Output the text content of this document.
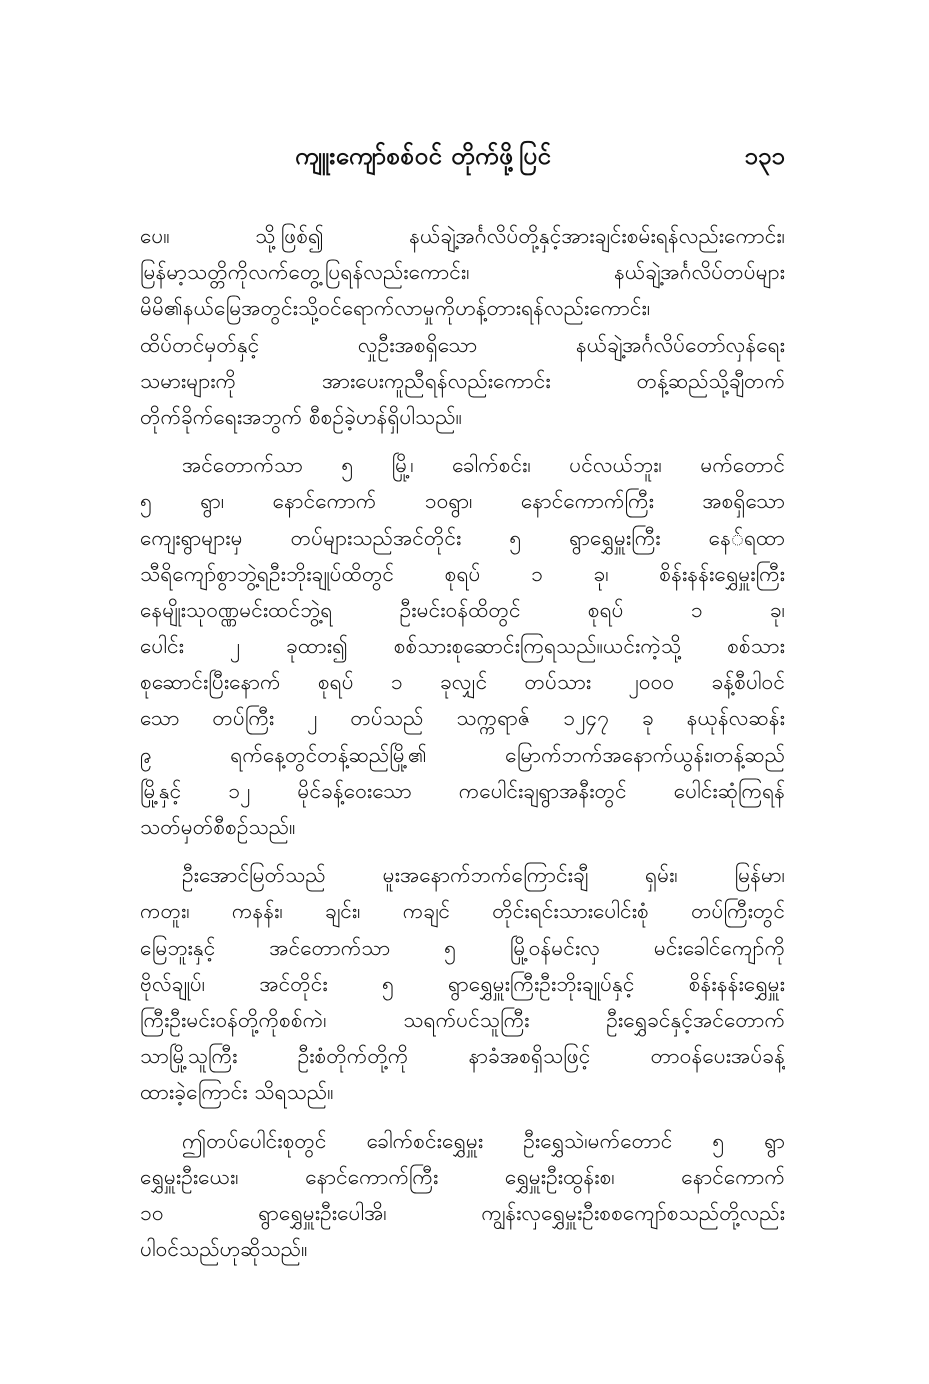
ကျူးကျော်စစ်ဝင် တိုက်ဖို့ပြင်	၁၃၁
ပေ။ သို့ဖြစ်၍ နယ်ချဲ့အင်္ဂလိပ်တို့နှင့်အားချင်းစမ်းရန်လည်းကောင်း၊
မြန်မာ့သတ္တိကိုလက်တွေ့ပြရန်လည်းကောင်း၊ နယ်ချဲ့အင်္ဂလိပ်တပ်များ
မိမိ၏နယ်မြေအတွင်းသို့ဝင်ရောက်လာမှုကိုဟန့်တားရန်လည်းကောင်း၊
ထိပ်တင်မှတ်နှင့် လှုဦးအစရှိသော နယ်ချဲ့အင်္ဂလိပ်တော်လှန်ရေး
သမားများကို အားပေးကူညီရန်လည်းကောင်း တန့်ဆည်သို့ချီတက်
တိုက်ခိုက်ရေးအဘွက် စီစဉ်ခဲ့ဟန်ရှိပါသည်။
အင်တောက်သာ ၅ မြို့၊ ခေါက်စင်း၊ ပင်လယ်ဘူး၊ မက်တောင်
၅ ရွာ၊ နောင်ကောက် ၁၀ရွာ၊ နောင်ကောက်ကြီး အစရှိသော
ကျေးရွာများမှ တပ်များသည်အင်တိုင်း ၅ ရွာရွှေမှူးကြီး နေ်ရထာ
သီရိကျော်စွာဘွဲ့ရဦးဘိုးချုပ်ထိတွင် စုရပ် ၁ ခု၊ စိန်းနန်းရွှေမှူးကြီး
နေမျိုးသုဝဏ္ဏမင်းထင်ဘွဲ့ရ ဦးမင်းဝန်ထိတွင် စုရပ် ၁ ခု၊
ပေါင်း ၂ ခုထား၍ စစ်သားစုဆောင်းကြရသည်။ယင်းကဲ့သို့ စစ်သား
စုဆောင်းပြီးနောက် စုရပ် ၁ ခုလျှင် တပ်သား ၂၀၀၀ ခန့်စီပါဝင်
သော တပ်ကြီး ၂ တပ်သည် သက္ကရာဇ် ၁၂၄၇ ခု နယုန်လဆန်း
၉ ရက်နေ့တွင်တန့်ဆည်မြို့၏ မြောက်ဘက်အနောက်ယွန်း၊တန့်ဆည်
မြို့နှင့် ၁၂ မိုင်ခန့်ဝေးသော ကပေါင်းချရွာအနီးတွင် ပေါင်းဆုံကြရန်
သတ်မှတ်စီစဉ်သည်။
ဦးအောင်မြတ်သည် မူးအနောက်ဘက်ကြောင်းချီ ရှမ်း၊ မြန်မာ၊
ကတူး၊ ကနန်း၊ ချင်း၊ ကချင် တိုင်းရင်းသားပေါင်းစုံ တပ်ကြီးတွင်
မြေဘူးနှင့် အင်တောက်သာ ၅ မြို့ဝန်မင်းလှ မင်းခေါင်ကျော်ကို
ဗိုလ်ချုပ်၊ အင်တိုင်း ၅ ရွာရွှေမှူးကြီးဦးဘိုးချုပ်နှင့် စိန်းနန်းရွှေမှူး
ကြီးဦးမင်းဝန်တို့ကိုစစ်ကဲ၊ သရက်ပင်သူကြီး ဦးရွှေခင်နှင့်အင်တောက်
သာမြို့သူကြီး ဦးစံတိုက်တို့ကို နာခံအစရှိသဖြင့် တာဝန်ပေးအပ်ခန့်
ထားခဲ့ကြောင်း သိရသည်။
ဤတပ်ပေါင်းစုတွင် ခေါက်စင်းရွှေမှူး ဦးရွှေသဲ၊မက်တောင် ၅ ရွာ
ရွှေမှူးဦးယေး၊ နောင်ကောက်ကြီး ရွှေမှူးဦးထွန်းစ၊ နောင်ကောက်
၁၀ ရွာရွှေမှူးဦးပေါအိ၊ ကျွန်းလှရွှေမှူးဦးစစကျော်စသည်တို့လည်း
ပါဝင်သည်ဟုဆိုသည်။
